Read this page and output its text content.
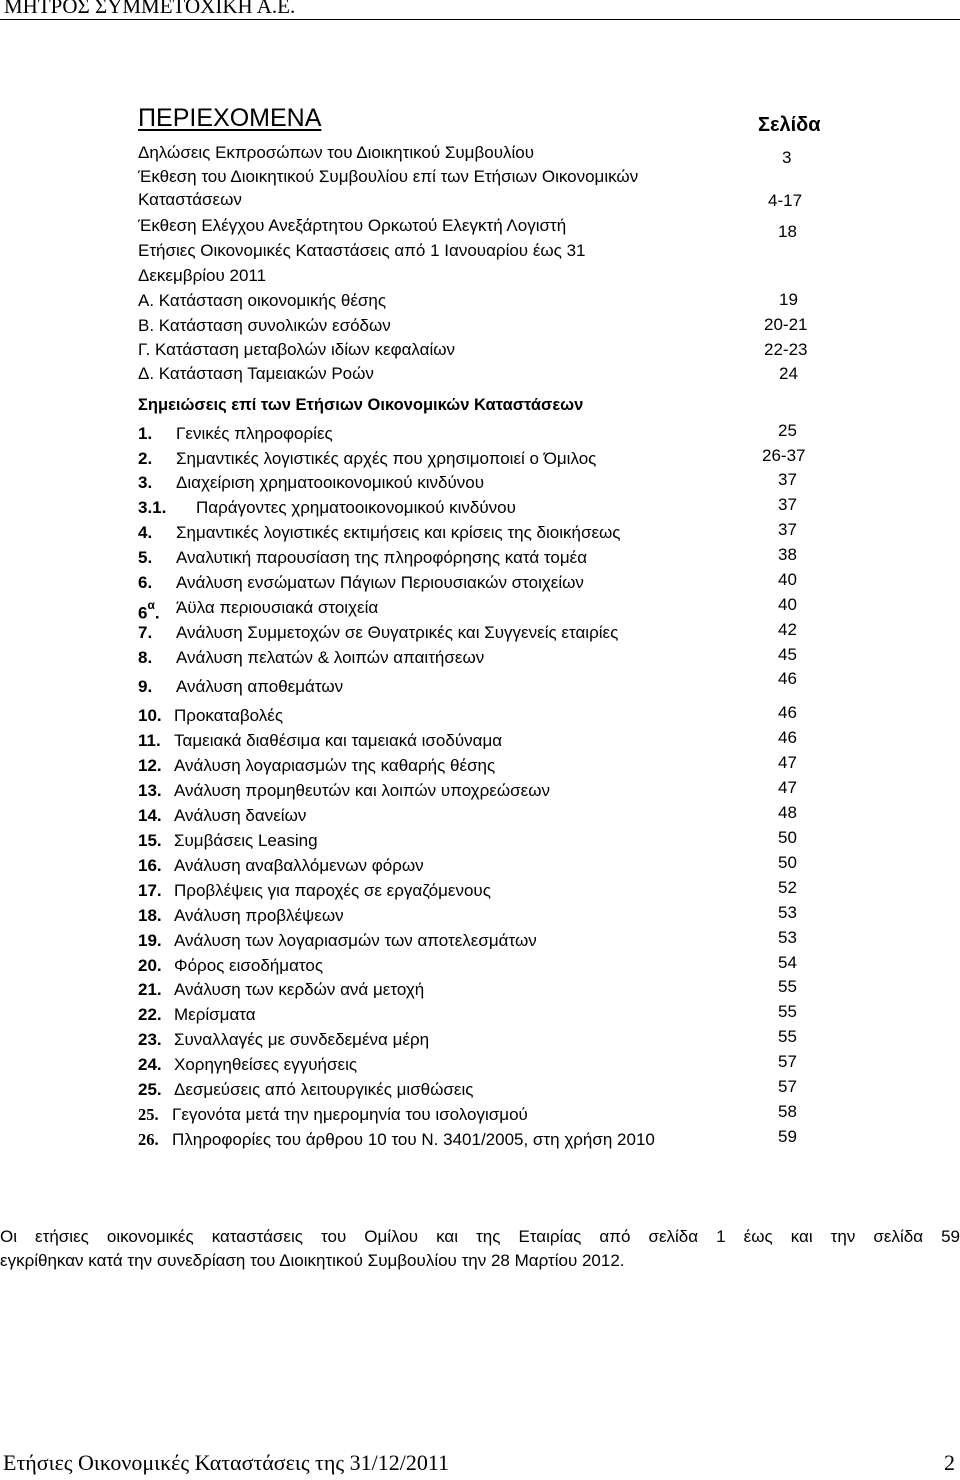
ΜΗΤΡΟΣ ΣΥΜΜΕΤΟΧΙΚΗ Α.Ε.
ΠΕΡΙΕΧΟΜΕΝΑ	Σελίδα
Δηλώσεις Εκπροσώπων του Διοικητικού Συμβουλίου	3
Έκθεση του Διοικητικού Συμβουλίου επί των Ετήσιων Οικονομικών
Καταστάσεων	4-17
Έκθεση Ελέγχου Ανεξάρτητου Ορκωτού Ελεγκτή Λογιστή	18
Ετήσιες Οικονομικές Καταστάσεις από 1 Ιανουαρίου έως 31
Δεκεμβρίου 2011
Α. Κατάσταση οικονομικής θέσης	19
Β. Κατάσταση συνολικών εσόδων	20-21
Γ. Κατάσταση μεταβολών ιδίων κεφαλαίων	22-23
Δ. Κατάσταση Ταμειακών Ροών	24
Σημειώσεις επί των Ετήσιων Οικονομικών Καταστάσεων
1. Γενικές πληροφορίες	25
2. Σημαντικές λογιστικές αρχές που χρησιμοποιεί ο Όμιλος	26-37
3. Διαχείριση χρηματοοικονομικού κινδύνου	37
3.1. Παράγοντες χρηματοοικονομικού κινδύνου	37
4. Σημαντικές λογιστικές εκτιμήσεις και κρίσεις της διοικήσεως	37
5. Αναλυτική παρουσίαση της πληροφόρησης κατά τομέα	38
6. Ανάλυση ενσώματων Πάγιων Περιουσιακών στοιχείων	40
$6^\alpha$. Άϋλα περιουσιακά στοιχεία	40
7. Ανάλυση Συμμετοχών σε Θυγατρικές και Συγγενείς εταιρίες	42
8. Ανάλυση πελατών & λοιπών απαιτήσεων	45
9. Ανάλυση αποθεμάτων	46
10. Προκαταβολές	46
11. Ταμειακά διαθέσιμα και ταμειακά ισοδύναμα	46
12. Ανάλυση λογαριασμών της καθαρής θέσης	47
13. Ανάλυση προμηθευτών και λοιπών υποχρεώσεων	47
14. Ανάλυση δανείων	48
15. Συμβάσεις Leasing	50
16. Ανάλυση αναβαλλόμενων φόρων	50
17. Προβλέψεις για παροχές σε εργαζόμενους	52
18. Ανάλυση προβλέψεων	53
19. Ανάλυση των λογαριασμών των αποτελεσμάτων	53
20. Φόρος εισοδήματος	54
21. Ανάλυση των κερδών ανά μετοχή	55
22. Μερίσματα	55
23. Συναλλαγές με συνδεδεμένα μέρη	55
24. Χορηγηθείσες εγγυήσεις	57
25. Δεσμεύσεις από λειτουργικές μισθώσεις	57
25. Γεγονότα μετά την ημερομηνία του ισολογισμού	58
26. Πληροφορίες του άρθρου 10 του Ν. 3401/2005, στη χρήση 2010	59
Οι ετήσιες οικονομικές καταστάσεις του Ομίλου και της Εταιρίας από σελίδα 1 έως και την σελίδα 59
εγκρίθηκαν κατά την συνεδρίαση του Διοικητικού Συμβουλίου την 28 Μαρτίου 2012.
Ετήσιες Οικονομικές Καταστάσεις της 31/12/2011	2
